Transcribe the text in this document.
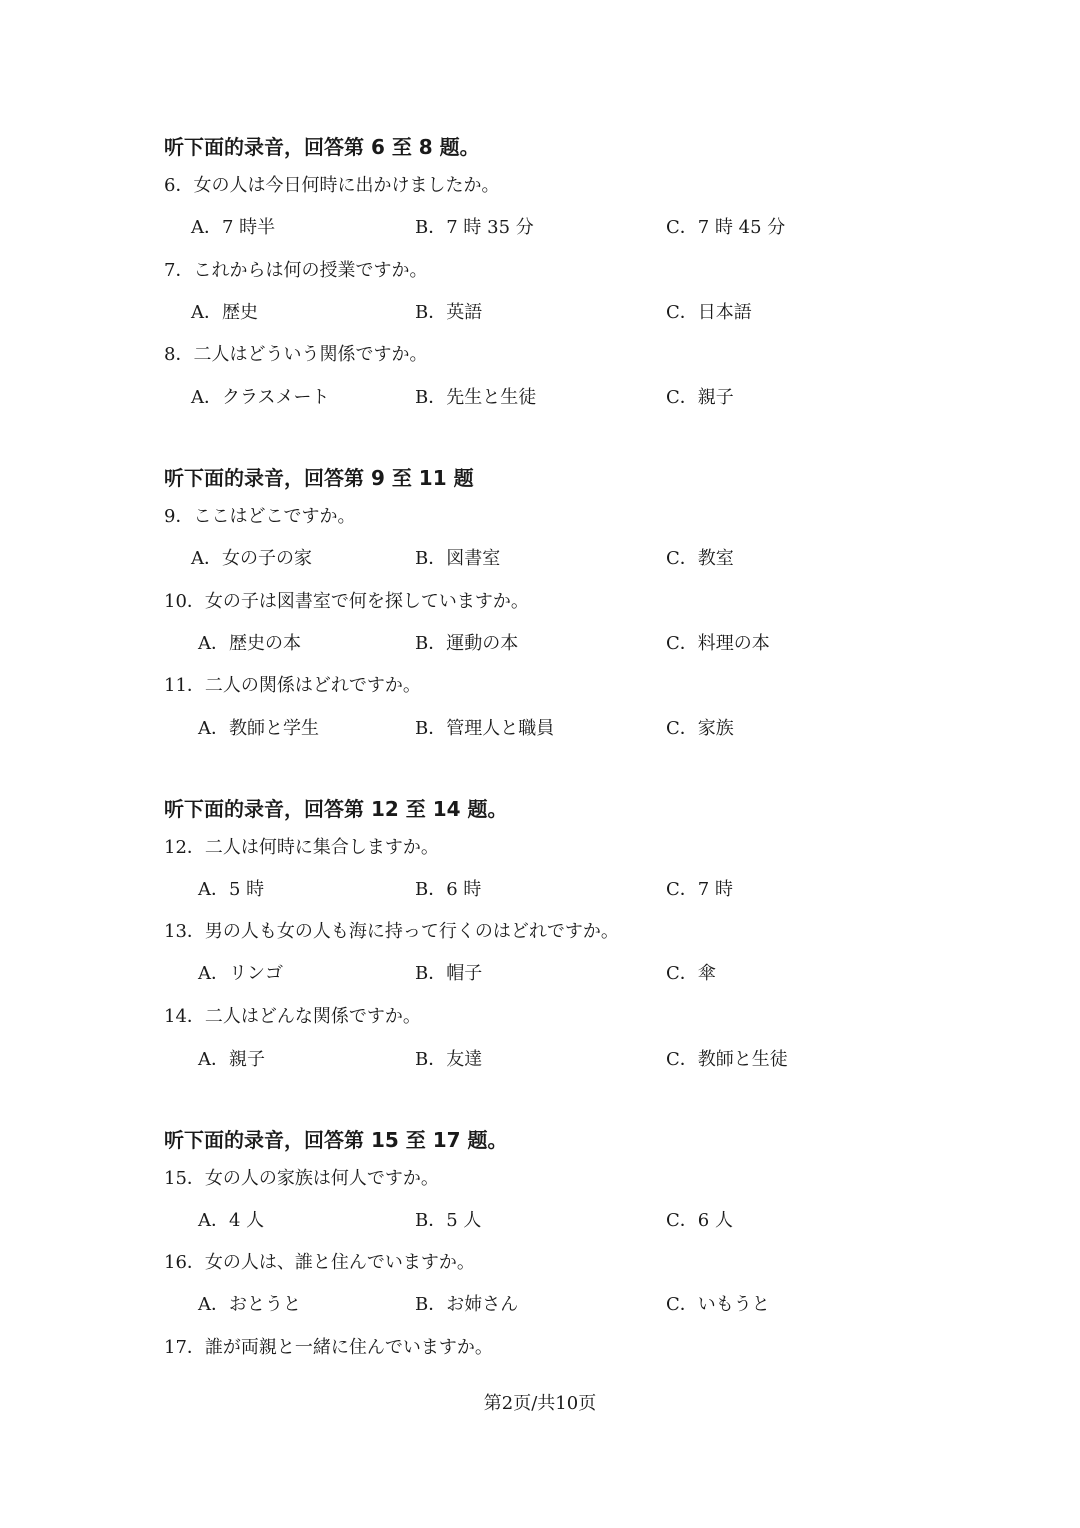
听下面的录音，回答第 6 至 8 题。
6．女の人は今日何時に出かけましたか。
A．7 時半	B．7 時 35 分	C．7 時 45 分
7．これからは何の授業ですか。
A．歴史	B．英語	C．日本語
8．二人はどういう関係ですか。
A．クラスメート	B．先生と生徒	C．親子
听下面的录音，回答第 9 至 11 题
9．ここはどこですか。
A．女の子の家	B．図書室	C．教室
10．女の子は図書室で何を探していますか。
A．歴史の本	B．運動の本	C．料理の本
11．二人の関係はどれですか。
A．教師と学生	B．管理人と職員	C．家族
听下面的录音，回答第 12 至 14 题。
12．二人は何時に集合しますか。
A．5 時	B．6 時	C．7 時
13．男の人も女の人も海に持って行くのはどれですか。
A．リンゴ	B．帽子	C．傘
14．二人はどんな関係ですか。
A．親子	B．友達	C．教師と生徒
听下面的录音，回答第 15 至 17 题。
15．女の人の家族は何人ですか。
A．4 人	B．5 人	C．6 人
16．女の人は、誰と住んでいますか。
A．おとうと	B．お姉さん	C．いもうと
17．誰が両親と一緒に住んでいますか。
第2页/共10页
